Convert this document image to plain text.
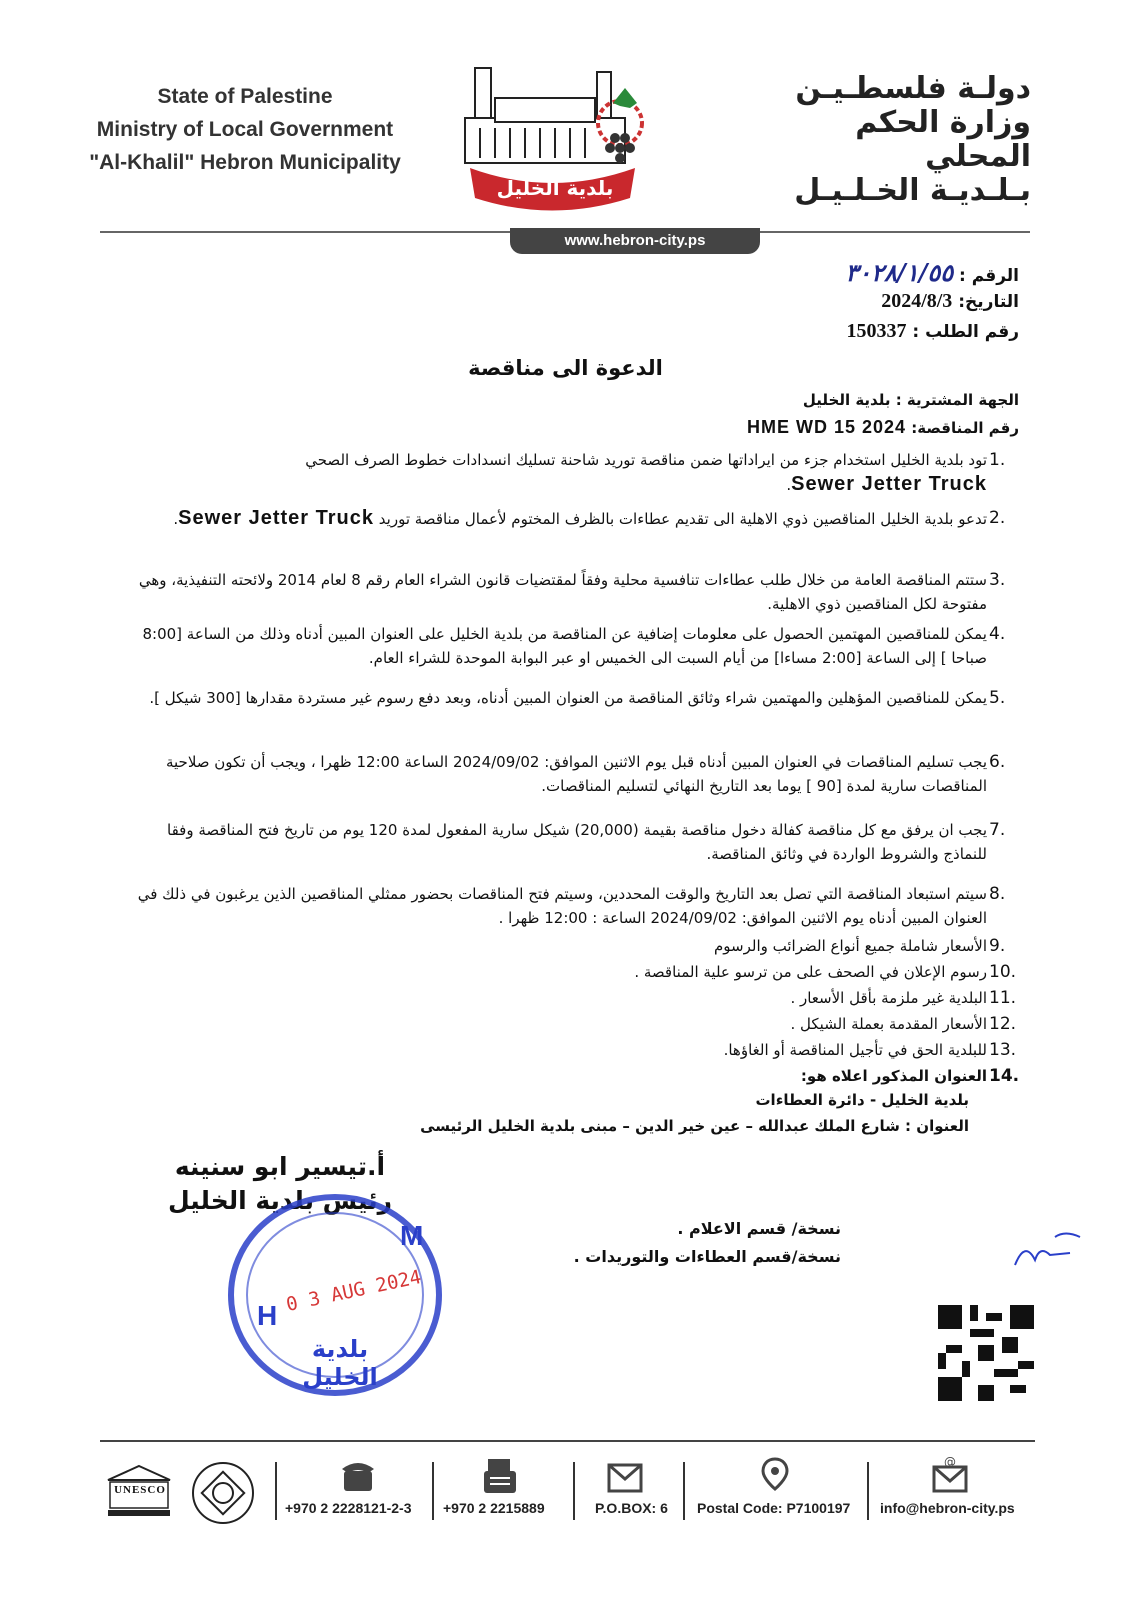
State of Palestine
Ministry of Local Government
"Al-Khalil" Hebron Municipality
بلدية الخليل
دولـة فلسطـيـن
وزارة الحكم المحلي
بـلـديـة الخـلـيـل
www.hebron-city.ps
الرقم : ٣٠٢٨/١/٥٥
التاريخ: 2024/8/3
رقم الطلب : 150337
الدعوة الى مناقصة
الجهة المشترية : بلدية الخليل
رقم المناقصة: HME WD 15 2024
1.
تود بلدية الخليل استخدام جزء من ايراداتها ضمن مناقصة توريد شاحنة تسليك انسدادات خطوط الصرف الصحي
Sewer Jetter Truck.
2.
تدعو بلدية الخليل المناقصين ذوي الاهلية الى تقديم عطاءات بالظرف المختوم لأعمال مناقصة توريد Sewer Jetter Truck.
3.
ستتم المناقصة العامة من خلال طلب عطاءات تنافسية محلية وفقاً لمقتضيات قانون الشراء العام رقم 8 لعام 2014 ولائحته التنفيذية، وهي مفتوحة لكل المناقصين ذوي الاهلية.
4.
يمكن للمناقصين المهتمين الحصول على معلومات إضافية عن المناقصة من بلدية الخليل على العنوان المبين أدناه وذلك من الساعة [8:00 صباحا ] إلى الساعة [2:00 مساءا] من أيام السبت الى الخميس او عبر البوابة الموحدة للشراء العام.
5.
يمكن للمناقصين المؤهلين والمهتمين شراء وثائق المناقصة من العنوان المبين أدناه، وبعد دفع رسوم غير مستردة مقدارها [300 شيكل ].
6.
يجب تسليم المناقصات في العنوان المبين أدناه قبل يوم الاثنين الموافق: 2024/09/02 الساعة 12:00 ظهرا ، ويجب أن تكون صلاحية المناقصات سارية لمدة [90 ] يوما بعد التاريخ النهائي لتسليم المناقصات.
7.
يجب ان يرفق مع كل مناقصة كفالة دخول مناقصة بقيمة (20,000) شيكل سارية المفعول لمدة 120 يوم من تاريخ فتح المناقصة وفقا للنماذج والشروط الواردة في وثائق المناقصة.
8.
سيتم استبعاد المناقصة التي تصل بعد التاريخ والوقت المحددين، وسيتم فتح المناقصات بحضور ممثلي المناقصين الذين يرغبون في ذلك في العنوان المبين أدناه يوم الاثنين الموافق: 2024/09/02 الساعة : 12:00 ظهرا .
9.
الأسعار شاملة جميع أنواع الضرائب والرسوم
10.
رسوم الإعلان في الصحف على من ترسو علية المناقصة .
11.
البلدية غير ملزمة بأقل الأسعار .
12.
الأسعار المقدمة بعملة الشيكل .
13.
للبلدية الحق في تأجيل المناقصة أو الغاؤها.
14.
العنوان المذكور اعلاه هو:
بلدية الخليل - دائرة العطاءات
العنوان : شارع الملك عبدالله – عين خير الدين – مبنى بلدية الخليل الرئيسى
أ.تيسير ابو سنينه
رئيس بلدية الخليل
H
M
0 3 AUG 2024
بلدية الخليل
نسخة/ قسم الاعلام .
نسخة/قسم العطاءات والتوريدات .
UNESCO
+970 2 2228121-2-3 +970 2 2215889	P.O.BOX: 6 Postal Code: P7100197
@
info@hebron-city.ps
